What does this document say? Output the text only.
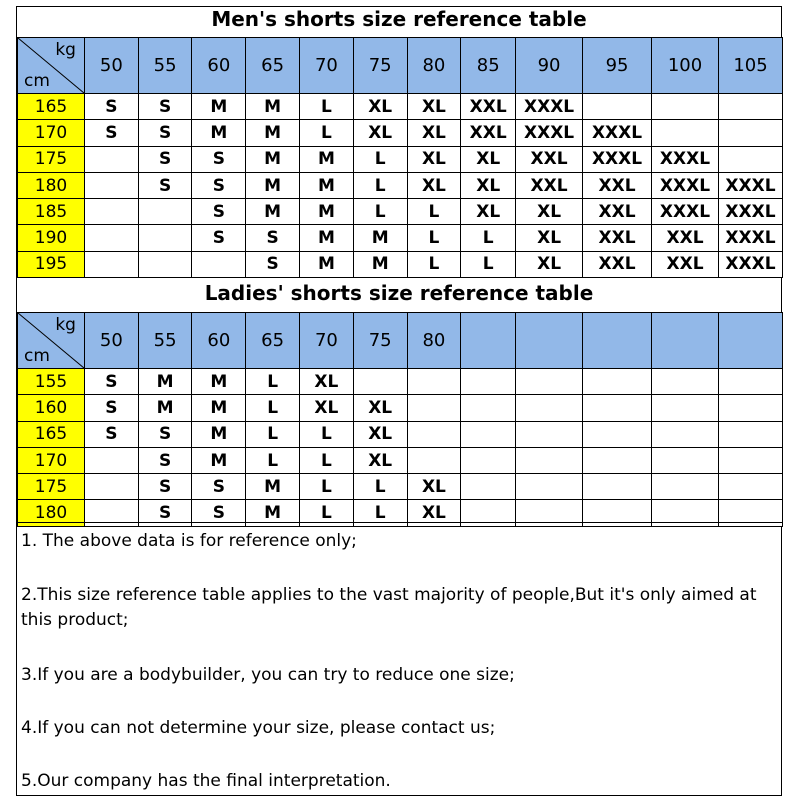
Men's shorts size reference table
kg
cm	50	55	60	65	70	75	80	85	90	95	100	105
165	S	S	M	M	L	XL	XL	XXL	XXXL			
170	S	S	M	M	L	XL	XL	XXL	XXXL	XXXL		
175		S	S	M	M	L	XL	XL	XXL	XXXL	XXXL	
180		S	S	M	M	L	XL	XL	XXL	XXL	XXXL	XXXL
185			S	M	M	L	L	XL	XL	XXL	XXXL	XXXL
190			S	S	M	M	L	L	XL	XXL	XXL	XXXL
195				S	M	M	L	L	XL	XXL	XXL	XXXL
Ladies' shorts size reference table
kg
cm	50	55	60	65	70	75	80					
155	S	M	M	L	XL							
160	S	M	M	L	XL	XL						
165	S	S	M	L	L	XL						
170		S	M	L	L	XL						
175		S	S	M	L	L	XL					
180		S	S	M	L	L	XL					
1. The above data is for reference only;
2.This size reference table applies to the vast majority of people,But it's only aimed at this product;
3.If you are a bodybuilder, you can try to reduce one size;
4.If you can not determine your size, please contact us;
5.Our company has the final interpretation.
